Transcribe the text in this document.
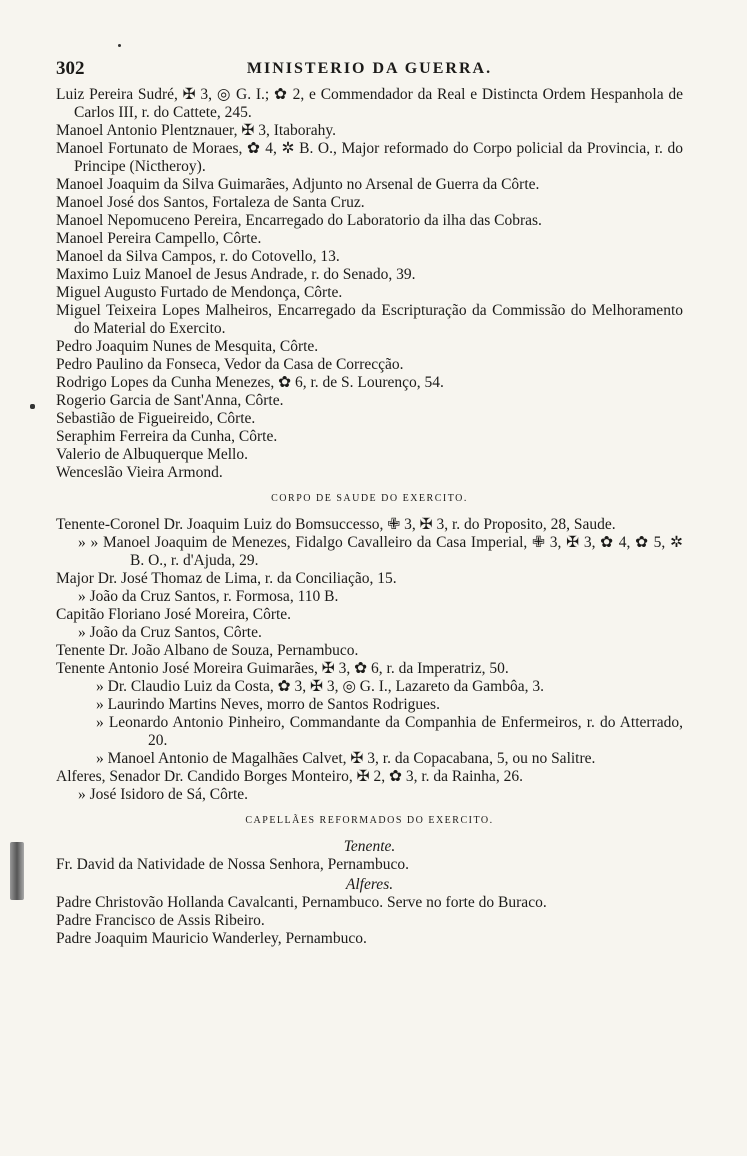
302	MINISTERIO DA GUERRA.

Luiz Pereira Sudré, ✠ 3, ◎ G. I.; ✿ 2, e Commendador da Real e Distincta Ordem Hespanhola de Carlos III, r. do Cattete, 245.

Manoel Antonio Plentznauer, ✠ 3, Itaborahy.

Manoel Fortunato de Moraes, ✿ 4, ✲ B. O., Major reformado do Corpo policial da Provincia, r. do Principe (Nictheroy).

Manoel Joaquim da Silva Guimarães, Adjunto no Arsenal de Guerra da Côrte.

Manoel José dos Santos, Fortaleza de Santa Cruz.

Manoel Nepomuceno Pereira, Encarregado do Laboratorio da ilha das Cobras.

Manoel Pereira Campello, Côrte.

Manoel da Silva Campos, r. do Cotovello, 13.

Maximo Luiz Manoel de Jesus Andrade, r. do Senado, 39.

Miguel Augusto Furtado de Mendonça, Côrte.

Miguel Teixeira Lopes Malheiros, Encarregado da Escripturação da Commissão do Melhoramento do Material do Exercito.

Pedro Joaquim Nunes de Mesquita, Côrte.

Pedro Paulino da Fonseca, Vedor da Casa de Correcção.

Rodrigo Lopes da Cunha Menezes, ✿ 6, r. de S. Lourenço, 54.

Rogerio Garcia de Sant'Anna, Côrte.

Sebastião de Figueireido, Côrte.

Seraphim Ferreira da Cunha, Côrte.

Valerio de Albuquerque Mello.

Wenceslão Vieira Armond.

CORPO DE SAUDE DO EXERCITO.

Tenente-Coronel Dr. Joaquim Luiz do Bomsuccesso, ✙ 3, ✠ 3, r. do Proposito, 28, Saude.

» » Manoel Joaquim de Menezes, Fidalgo Cavalleiro da Casa Imperial, ✙ 3, ✠ 3, ✿ 4, ✿ 5, ✲ B. O., r. d'Ajuda, 29.

Major Dr. José Thomaz de Lima, r. da Conciliação, 15.

» João da Cruz Santos, r. Formosa, 110 B.

Capitão Floriano José Moreira, Côrte.

» João da Cruz Santos, Côrte.

Tenente Dr. João Albano de Souza, Pernambuco.

Tenente Antonio José Moreira Guimarães, ✠ 3, ✿ 6, r. da Imperatriz, 50.

» Dr. Claudio Luiz da Costa, ✿ 3, ✠ 3, ◎ G. I., Lazareto da Gambôa, 3.

» Laurindo Martins Neves, morro de Santos Rodrigues.

» Leonardo Antonio Pinheiro, Commandante da Companhia de Enfermeiros, r. do Atterrado, 20.

» Manoel Antonio de Magalhães Calvet, ✠ 3, r. da Copacabana, 5, ou no Salitre.

Alferes, Senador Dr. Candido Borges Monteiro, ✠ 2, ✿ 3, r. da Rainha, 26.

» José Isidoro de Sá, Côrte.

CAPELLÃES REFORMADOS DO EXERCITO.
Tenente.

Fr. David da Natividade de Nossa Senhora, Pernambuco.

Alferes.

Padre Christovão Hollanda Cavalcanti, Pernambuco. Serve no forte do Buraco.

Padre Francisco de Assis Ribeiro.

Padre Joaquim Mauricio Wanderley, Pernambuco.
